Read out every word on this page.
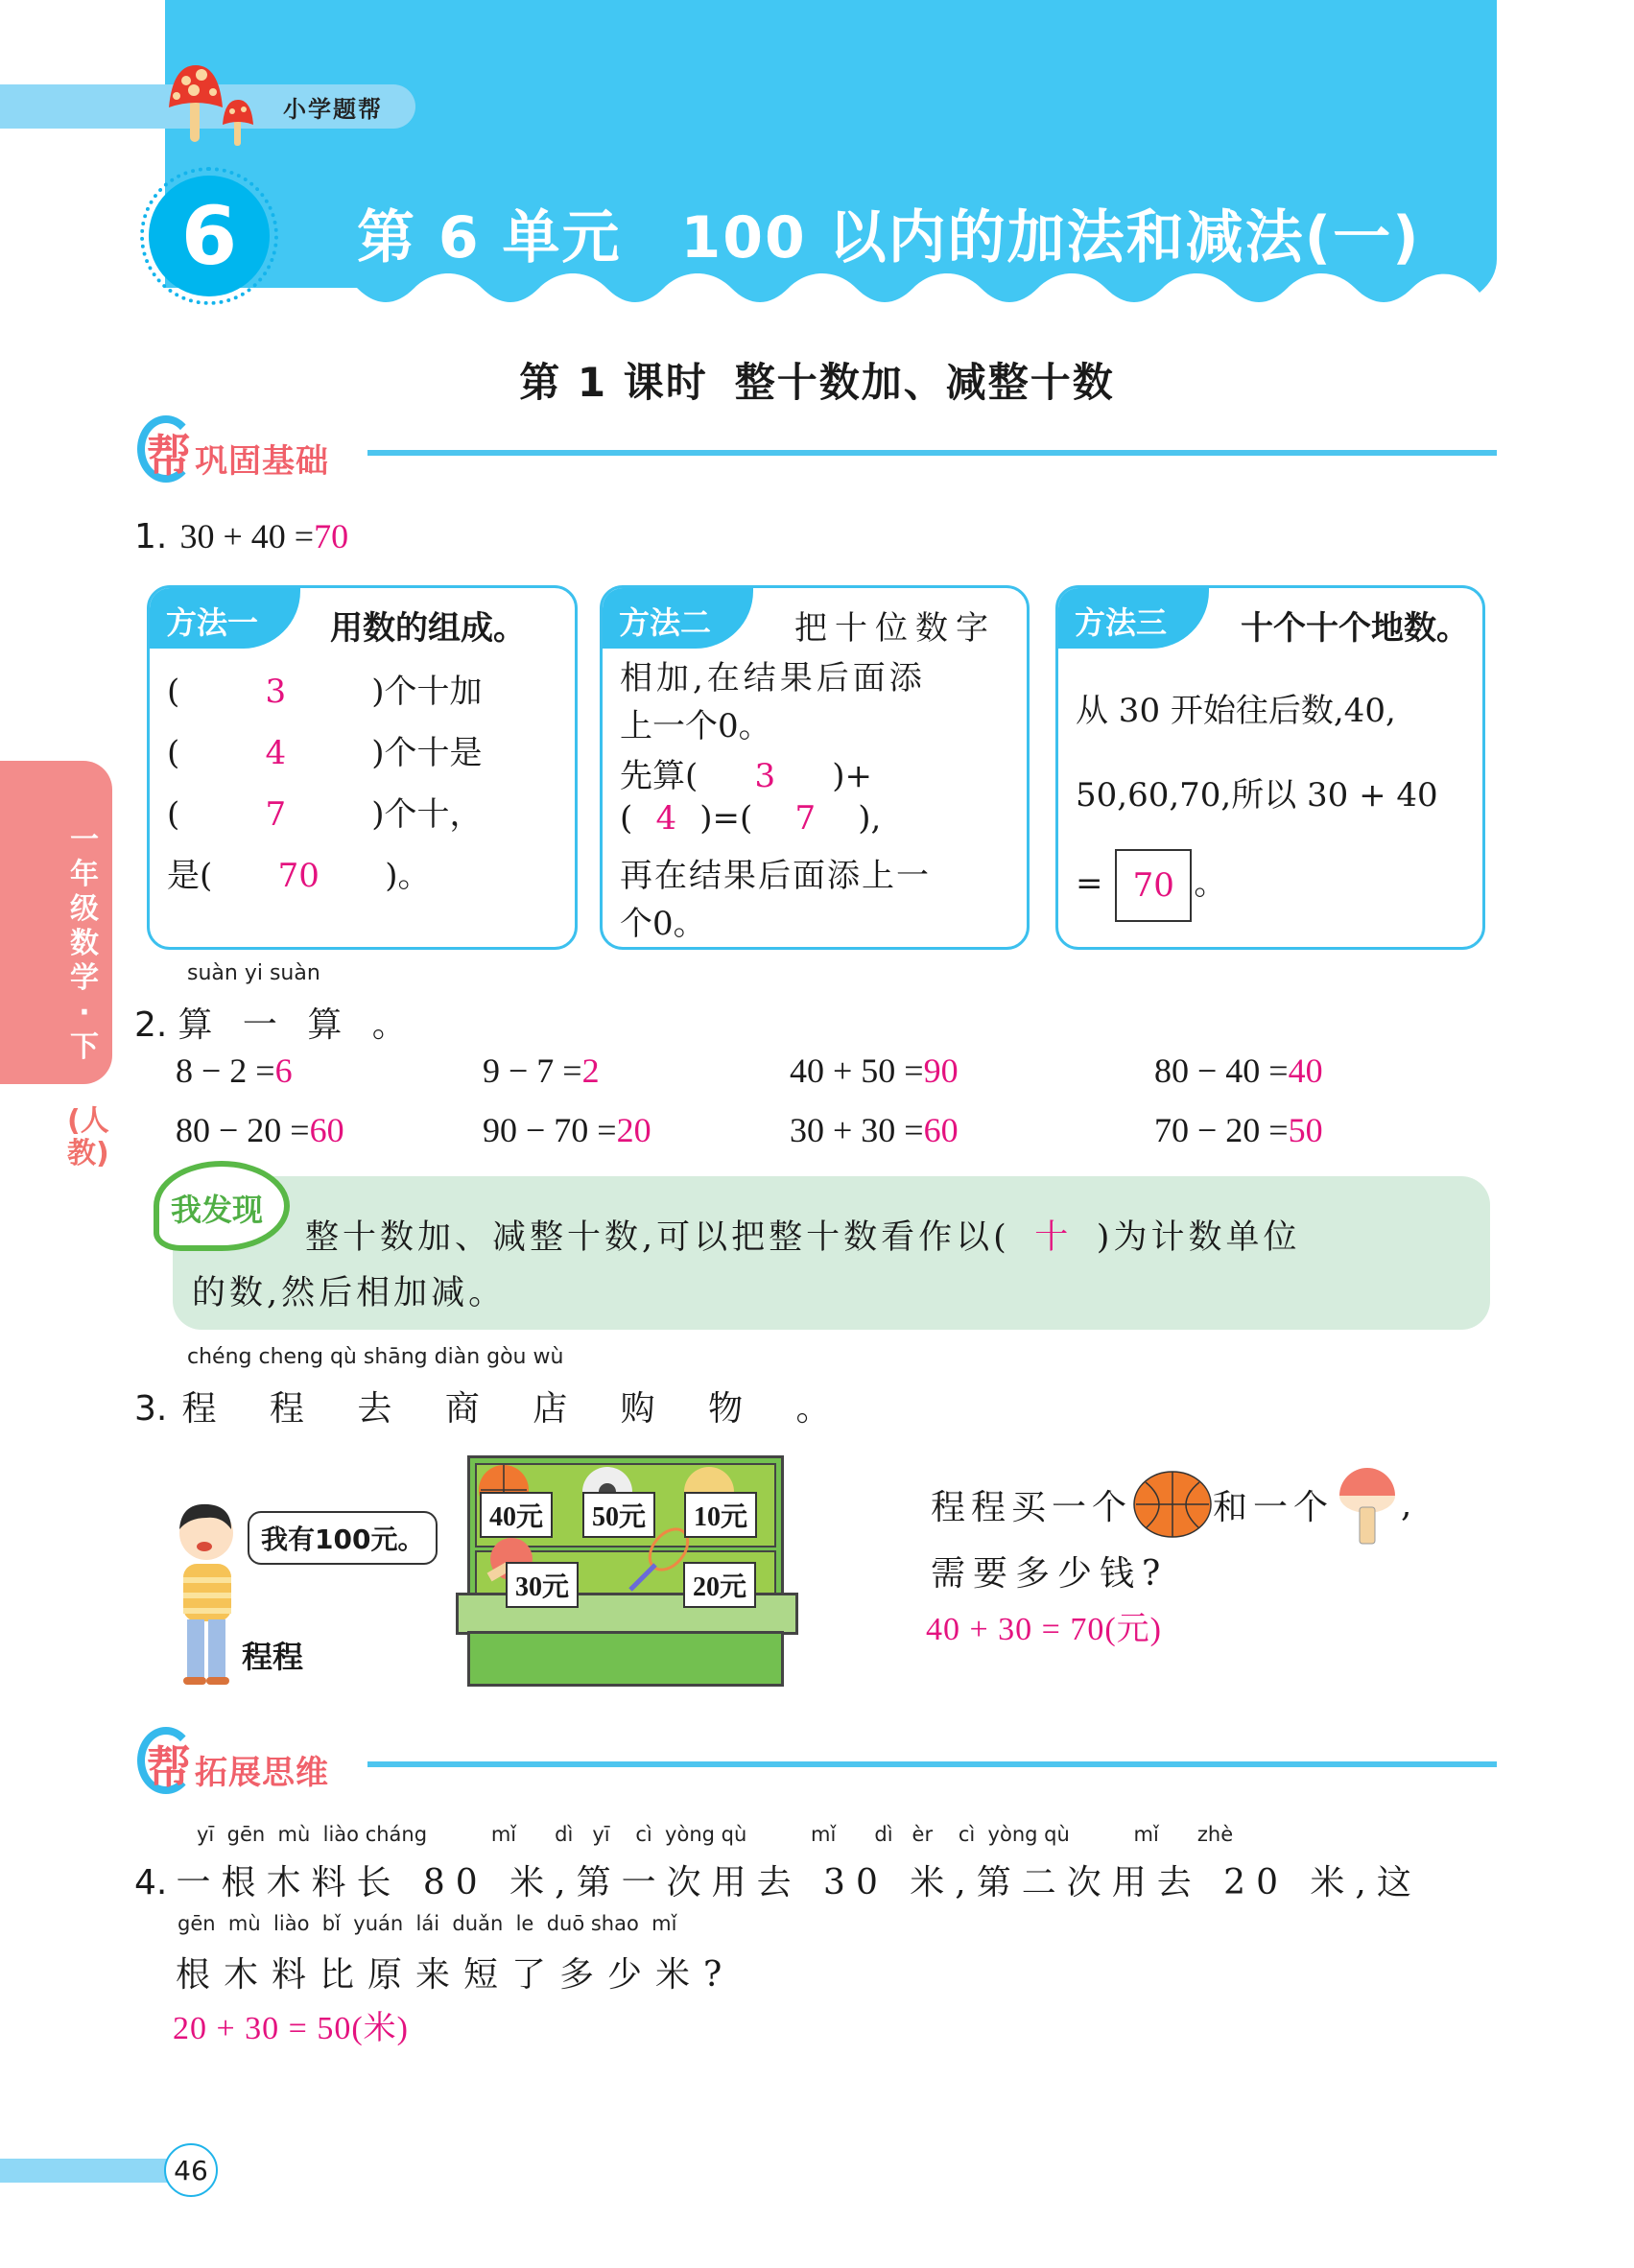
小学题帮
6	第 6 单元　100 以内的加法和减法(一)
第 1 课时 整十数加、减整十数
帮 巩固基础
一年级数学·下
(人教)
1. 30 + 40 =70
方法一	用数的组成。
(	3	)个十加
(	4	)个十是
(	7	)个十，
是( 70 )。
方法二	把十位数字
相加,在结果后面添
上一个0。
先算( 3 )+
( 4 )=( 7 ),
再在结果后面添上一
个0。
方法三	十个十个地数。
从 30 开始往后数,40,
50,60,70,所以 30 + 40
= 70 。
suàn yi suàn
2. 算 一 算 。
8 − 2 =6	9 − 7 =2	40 + 50 =90	80 − 40 =40
80 − 20 =60	90 − 70 =20	30 + 30 =60	70 − 20 =50
我发现
整十数加、减整十数,可以把整十数看作以( 十 )为计数单位
的数,然后相加减。
chéng cheng qù shāng diàn gòu wù
3. 程 程 去 商 店 购 物 。
我有100元。
程程
40元	50元	10元
30元	20元
程程买一个 和一个 ,
需要多少钱?
40 + 30 = 70(元)
帮 拓展思维
yī  gēn  mù  liào cháng          mǐ      dì   yī    cì  yòng qù          mǐ      dì   èr    cì  yòng qù          mǐ      zhè
4. 一根木料长 80 米,第一次用去 30 米,第二次用去 20 米,这
gēn  mù  liào  bǐ  yuán  lái  duǎn  le  duō shao  mǐ
根木料比原来短了多少米?
20 + 30 = 50(米)
46
